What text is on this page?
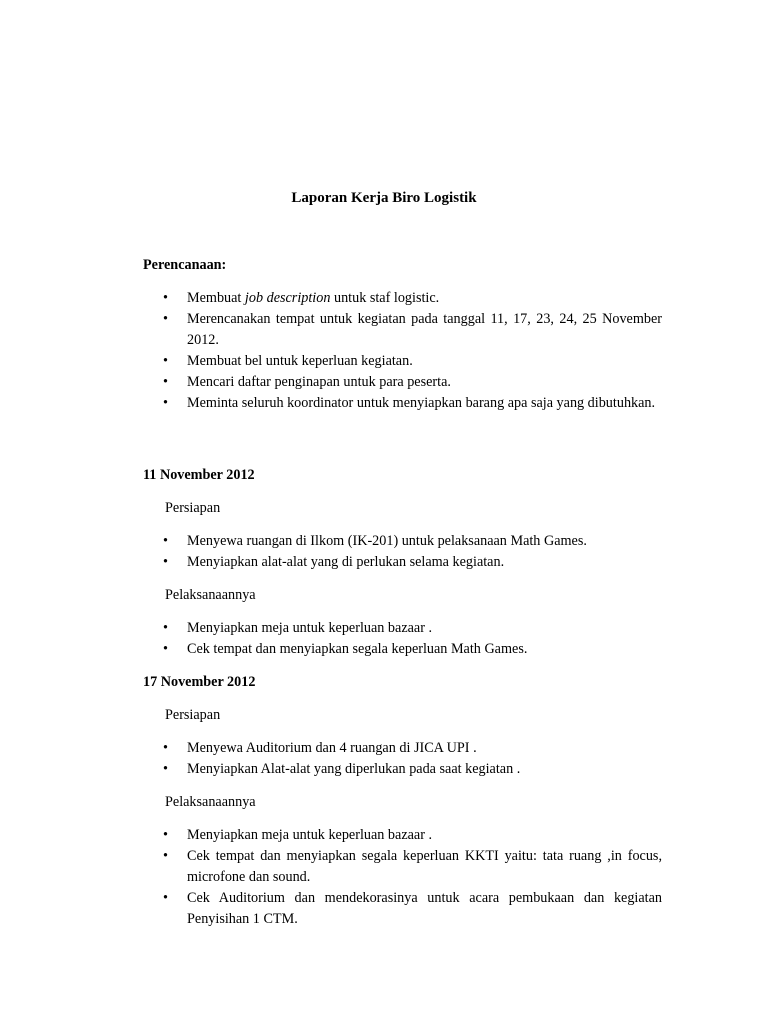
Laporan Kerja Biro Logistik
Perencanaan:
• Membuat job description untuk staf logistic.
• Merencanakan tempat untuk kegiatan pada tanggal 11, 17, 23, 24, 25 November 2012.
• Membuat bel untuk keperluan kegiatan.
• Mencari daftar penginapan untuk para peserta.
• Meminta seluruh koordinator untuk menyiapkan barang apa saja yang dibutuhkan.
11 November 2012
Persiapan
• Menyewa ruangan di Ilkom (IK-201) untuk pelaksanaan Math Games.
• Menyiapkan alat-alat yang di perlukan selama kegiatan.
Pelaksanaannya
• Menyiapkan meja untuk keperluan bazaar .
• Cek tempat dan menyiapkan segala keperluan Math Games.
17 November 2012
Persiapan
• Menyewa Auditorium dan 4 ruangan di JICA UPI .
• Menyiapkan Alat-alat yang diperlukan pada saat kegiatan .
Pelaksanaannya
• Menyiapkan meja untuk keperluan bazaar .
• Cek tempat dan menyiapkan segala keperluan KKTI yaitu: tata ruang ,in focus, microfone dan sound.
• Cek Auditorium dan mendekorasinya untuk acara pembukaan dan kegiatan Penyisihan 1 CTM.
